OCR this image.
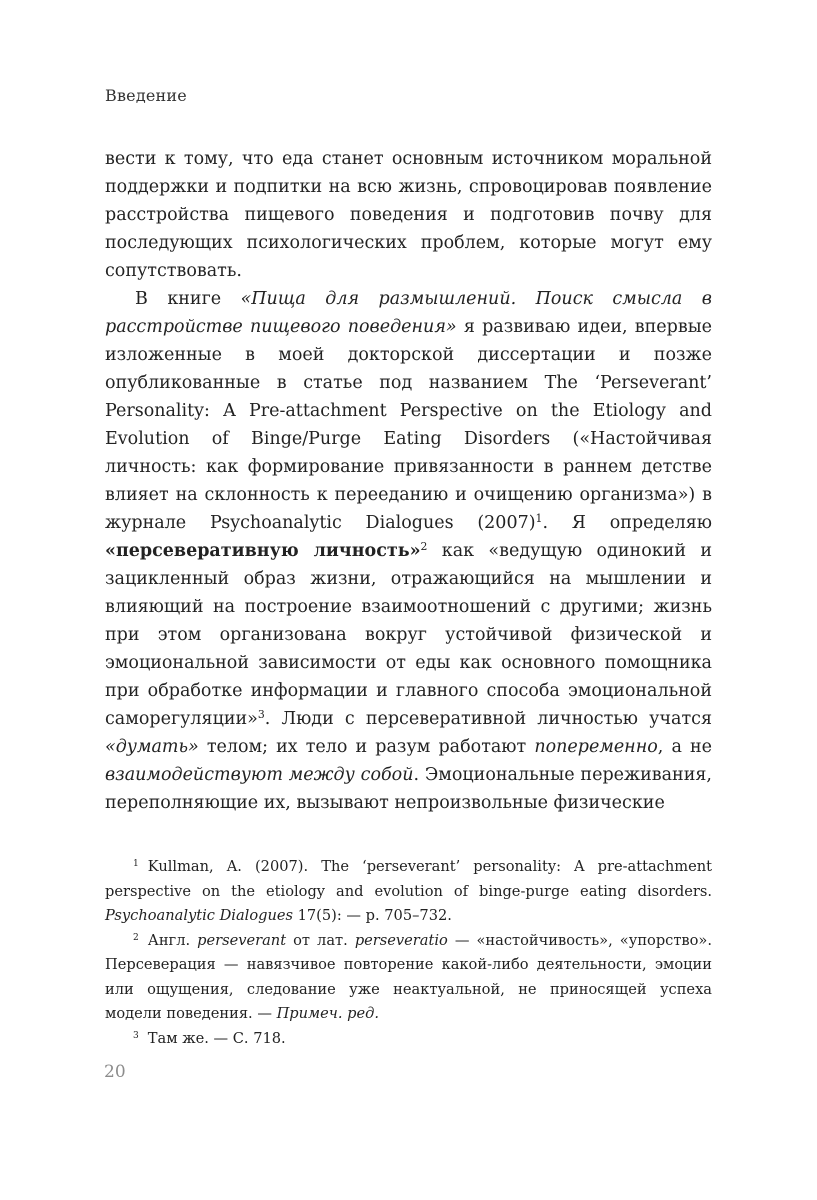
Введение

вести к тому, что еда станет основным источником моральной поддержки и подпитки на всю жизнь, спровоцировав появление расстройства пищевого поведения и подготовив почву для последующих психологических проблем, которые могут ему сопутствовать.

В книге «Пища для размышлений. Поиск смысла в расстройстве пищевого поведения» я развиваю идеи, впервые изложенные в моей докторской диссертации и позже опубликованные в статье под названием The ‘Perseverant’ Personality: A Pre-attachment Perspective on the Etiology and Evolution of Binge/Purge Eating Disorders («Настойчивая личность: как формирование привязанности в раннем детстве влияет на склонность к перееданию и очищению организма») в журнале Psychoanalytic Dialogues $(2007)^1$. Я определяю «персеверативную личность»$^2$ как «ведущую одинокий и зацикленный образ жизни, отражающийся на мышлении и влияющий на построение взаимоотношений с другими; жизнь при этом организована вокруг устойчивой физической и эмоциональной зависимости от еды как основного помощника при обработке информации и главного способа эмоциональной саморегуляции»$^3$. Люди с персеверативной личностью учатся «думать» телом; их тело и разум работают попеременно, а не взаимодействуют между собой. Эмоциональные переживания, переполняющие их, вызывают непроизвольные физические

$^1$ Kullman, A. (2007). The ‘perseverant’ personality: A pre-attachment perspective on the etiology and evolution of binge-purge eating disorders. Psychoanalytic Dialogues 17(5): — p. 705–732.

$^2$ Англ. perseverant от лат. perseveratio — «настойчивость», «упорство». Персеверация — навязчивое повторение какой-либо деятельности, эмоции или ощущения, следование уже неактуальной, не приносящей успеха модели поведения. — Примеч. ред.

$^3$ Там же. — С. 718.

20
